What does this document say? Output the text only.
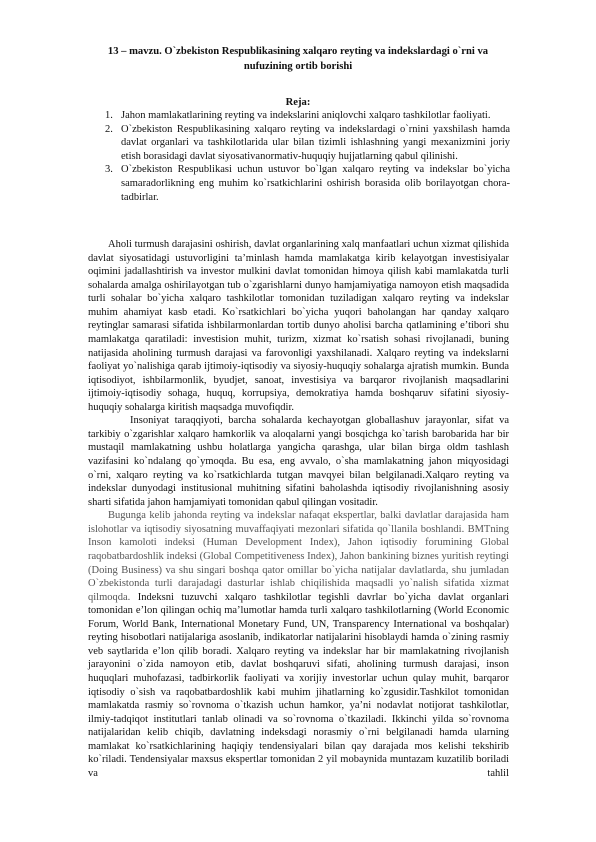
13 – mavzu. O`zbekiston Respublikasining xalqaro reyting va indekslardagi o`rni va nufuzining ortib borishi
Reja:
1. Jahon mamlakatlarining reyting va indekslarini aniqlovchi xalqaro tashkilotlar faoliyati.
2. O`zbekiston Respublikasining xalqaro reyting va indekslardagi o`rnini yaxshilash hamda davlat organlari va tashkilotlarida ular bilan tizimli ishlashning yangi mexanizmini joriy etish borasidagi davlat siyosativanormativ-huquqiy hujjatlarning qabul qilinishi.
3. O`zbekiston Respublikasi uchun ustuvor bo`lgan xalqaro reyting va indekslar bo`yicha samaradorlikning eng muhim ko`rsatkichlarini oshirish borasida olib borilayotgan chora-tadbirlar.

Aholi turmush darajasini oshirish, davlat organlarining xalq manfaatlari uchun xizmat qilishida davlat siyosatidagi ustuvorligini ta’minlash hamda mamlakatga kirib kelayotgan investisiyalar oqimini jadallashtirish va investor mulkini davlat tomonidan himoya qilish kabi mamlakatda turli sohalarda amalga oshirilayotgan tub o`zgarishlarni dunyo hamjamiyatiga namoyon etish maqsadida turli sohalar bo`yicha xalqaro tashkilotlar tomonidan tuziladigan xalqaro reyting va indekslar muhim ahamiyat kasb etadi. Ko`rsatkichlari bo`yicha yuqori baholangan har qanday xalqaro reytinglar samarasi sifatida ishbilarmonlardan tortib dunyo aholisi barcha qatlamining e’tibori shu mamlakatga qaratiladi: investision muhit, turizm, xizmat ko`rsatish sohasi rivojlanadi, buning natijasida aholining turmush darajasi va farovonligi yaxshilanadi. Xalqaro reyting va indekslarni faoliyat yo`nalishiga qarab ijtimoiy-iqtisodiy va siyosiy-huquqiy sohalarga ajratish mumkin. Bunda iqtisodiyot, ishbilarmonlik, byudjet, sanoat, investisiya va barqaror rivojlanish maqsadlarini ijtimoiy-iqtisodiy sohaga, huquq, korrupsiya, demokratiya hamda boshqaruv sifatini siyosiy-huquqiy sohalarga kiritish maqsadga muvofiqdir.

Insoniyat taraqqiyoti, barcha sohalarda kechayotgan globallashuv jarayonlar, sifat va tarkibiy o`zgarishlar xalqaro hamkorlik va aloqalarni yangi bosqichga ko`tarish barobarida har bir mustaqil mamlakatning ushbu holatlarga yangicha qarashga, ular bilan birga oldm tashlash vazifasini ko`ndalang qo`ymoqda. Bu esa, eng avvalo, o`sha mamlakatning jahon miqyosidagi o`rni, xalqaro reyting va ko`rsatkichlarda tutgan mavqyei bilan belgilanadi.Xalqaro reyting va indekslar dunyodagi institusional muhitning sifatini baholashda iqtisodiy rivojlanishning asosiy sharti sifatida jahon hamjamiyati tomonidan qabul qilingan vositadir.

Bugunga kelib jahonda reyting va indekslar nafaqat ekspertlar, balki davlatlar darajasida ham islohotlar va iqtisodiy siyosatning muvaffaqiyati mezonlari sifatida qo`llanila boshlandi. BMTning Inson kamoloti indeksi (Human Development Index), Jahon iqtisodiy forumining Global raqobatbardoshlik indeksi (Global Competitiveness Index), Jahon bankining biznes yuritish reytingi (Doing Business) va shu singari boshqa qator omillar bo`yicha natijalar davlatlarda, shu jumladan O`zbekistonda turli darajadagi dasturlar ishlab chiqilishida maqsadli yo`nalish sifatida xizmat qilmoqda. Indeksni tuzuvchi xalqaro tashkilotlar tegishli davrlar bo`yicha davlat organlari tomonidan e’lon qilingan ochiq ma’lumotlar hamda turli xalqaro tashkilotlarning (World Economic Forum, World Bank, International Monetary Fund, UN, Transparency International va boshqalar) reyting hisobotlari natijalariga asoslanib, indikatorlar natijalarini hisoblaydi hamda o`zining rasmiy veb saytlarida e’lon qilib boradi. Xalqaro reyting va indekslar har bir mamlakatning rivojlanish jarayonini o`zida namoyon etib, davlat boshqaruvi sifati, aholining turmush darajasi, inson huquqlari muhofazasi, tadbirkorlik faoliyati va xorijiy investorlar uchun qulay muhit, barqaror iqtisodiy o`sish va raqobatbardoshlik kabi muhim jihatlarning ko`zgusidir.Tashkilot tomonidan mamlakatda rasmiy so`rovnoma o`tkazish uchun hamkor, ya’ni nodavlat notijorat tashkilotlar, ilmiy-tadqiqot institutlari tanlab olinadi va so`rovnoma o`tkaziladi. Ikkinchi yilda so`rovnoma natijalaridan kelib chiqib, davlatning indeksdagi norasmiy o`rni belgilanadi hamda ularning mamlakat ko`rsatkichlarining haqiqiy tendensiyalari bilan qay darajada mos kelishi tekshirib ko`riladi. Tendensiyalar maxsus ekspertlar tomonidan 2 yil mobaynida muntazam kuzatilib boriladi va tahlil
